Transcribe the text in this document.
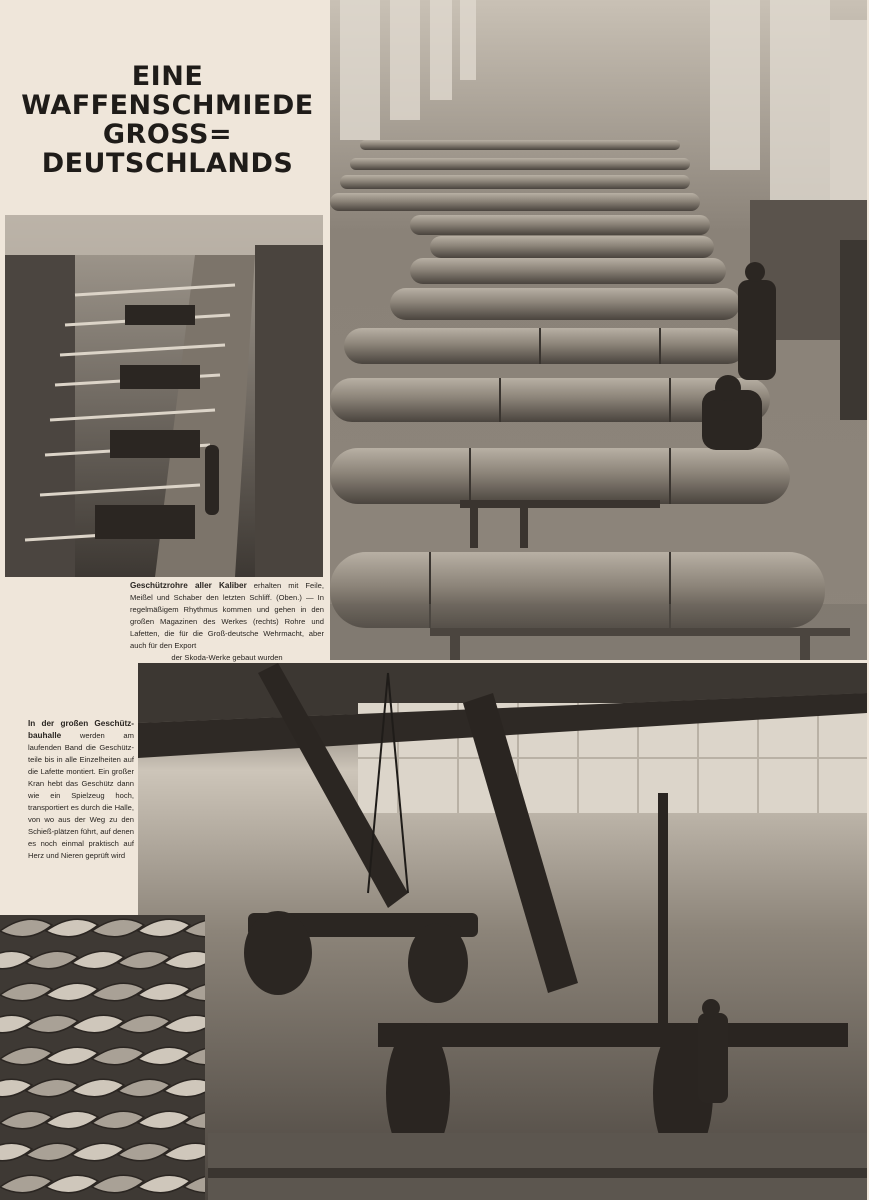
EINE
WAFFENSCHMIEDE
GROSS=
DEUTSCHLANDS
Geschützrohre aller Kaliber erhalten mit Feile, Meißel und Schaber den letzten Schliff. (Oben.) — In regelmäßigem Rhythmus kommen und gehen in den großen Magazinen des Werkes (rechts) Rohre und Lafetten, die für die Groß-deutsche Wehrmacht, aber auch für den Export
der Skoda-Werke gebaut wurden
In der großen Geschütz-bauhalle werden am laufenden Band die Geschütz-teile bis in alle Einzelheiten auf die Lafette montiert. Ein großer Kran hebt das Geschütz dann wie ein Spielzeug hoch, transportiert es durch die Halle, von wo aus der Weg zu den Schieß-plätzen führt, auf denen es noch einmal praktisch auf Herz und Nieren geprüft wird
